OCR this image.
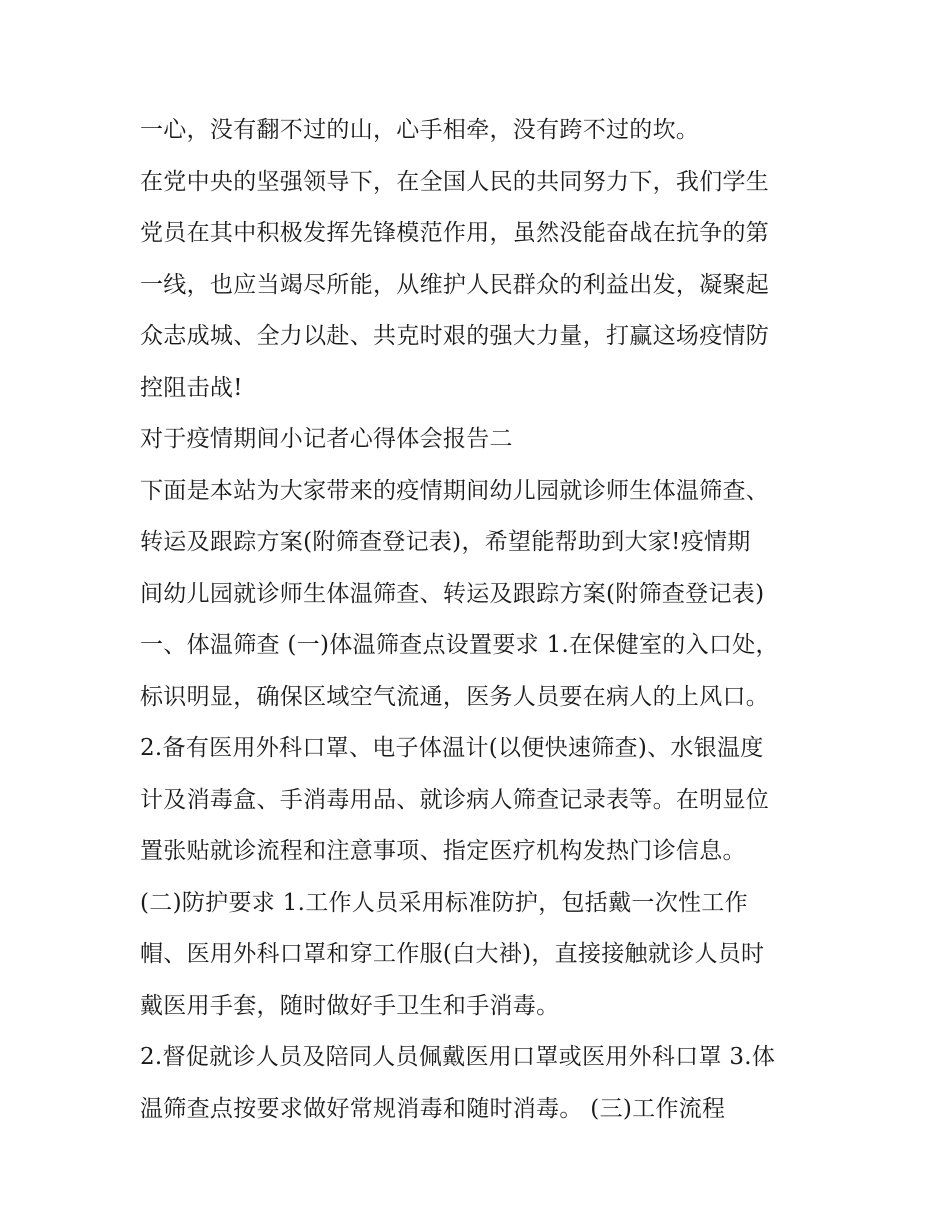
一心，没有翻不过的山，心手相牵，没有跨不过的坎。
在党中央的坚强领导下，在全国人民的共同努力下，我们学生
党员在其中积极发挥先锋模范作用，虽然没能奋战在抗争的第
一线，也应当竭尽所能，从维护人民群众的利益出发，凝聚起
众志成城、全力以赴、共克时艰的强大力量，打赢这场疫情防
控阻击战!
对于疫情期间小记者心得体会报告二
下面是本站为大家带来的疫情期间幼儿园就诊师生体温筛查、
转运及跟踪方案(附筛查登记表)，希望能帮助到大家!疫情期
间幼儿园就诊师生体温筛查、转运及跟踪方案(附筛查登记表)
一、体温筛查 (一)体温筛查点设置要求 1.在保健室的入口处，
标识明显，确保区域空气流通，医务人员要在病人的上风口。
2.备有医用外科口罩、电子体温计(以便快速筛查)、水银温度
计及消毒盒、手消毒用品、就诊病人筛查记录表等。在明显位
置张贴就诊流程和注意事项、指定医疗机构发热门诊信息。
(二)防护要求 1.工作人员采用标准防护，包括戴一次性工作
帽、医用外科口罩和穿工作服(白大褂)，直接接触就诊人员时
戴医用手套，随时做好手卫生和手消毒。
2.督促就诊人员及陪同人员佩戴医用口罩或医用外科口罩 3.体
温筛查点按要求做好常规消毒和随时消毒。 (三)工作流程
